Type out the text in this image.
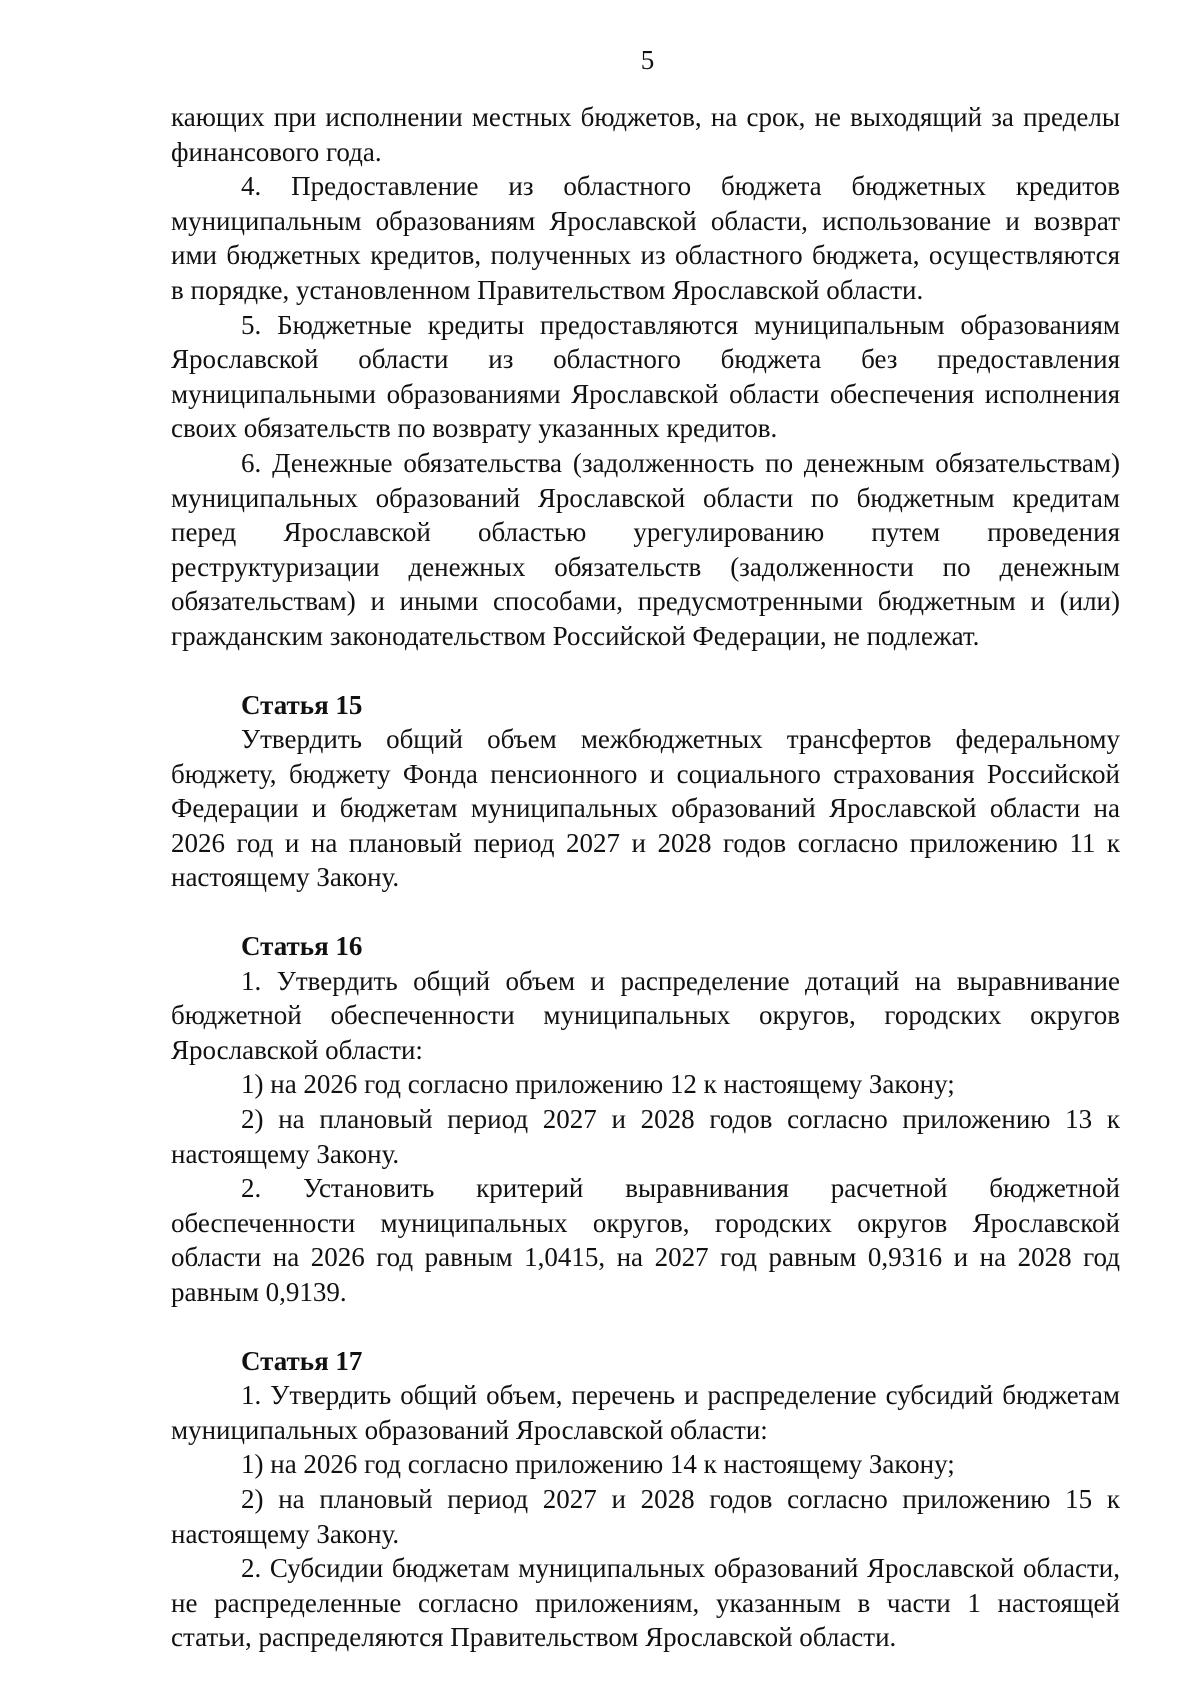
5

кающих при исполнении местных бюджетов, на срок, не выходящий за пределы финансового года.

4. Предоставление из областного бюджета бюджетных кредитов муниципальным образованиям Ярославской области, использование и возврат ими бюджетных кредитов, полученных из областного бюджета, осуществляются в порядке, установленном Правительством Ярославской области.

5. Бюджетные кредиты предоставляются муниципальным образованиям Ярославской области из областного бюджета без предоставления муниципальными образованиями Ярославской области обеспечения исполнения своих обязательств по возврату указанных кредитов.

6. Денежные обязательства (задолженность по денежным обязательствам) муниципальных образований Ярославской области по бюджетным кредитам перед Ярославской областью урегулированию путем проведения реструктуризации денежных обязательств (задолженности по денежным обязательствам) и иными способами, предусмотренными бюджетным и (или) гражданским законодательством Российской Федерации, не подлежат.

Статья 15

Утвердить общий объем межбюджетных трансфертов федеральному бюджету, бюджету Фонда пенсионного и социального страхования Российской Федерации и бюджетам муниципальных образований Ярославской области на 2026 год и на плановый период 2027 и 2028 годов согласно приложению 11 к настоящему Закону.

Статья 16

1. Утвердить общий объем и распределение дотаций на выравнивание бюджетной обеспеченности муниципальных округов, городских округов Ярославской области:

1) на 2026 год согласно приложению 12 к настоящему Закону;

2) на плановый период 2027 и 2028 годов согласно приложению 13 к настоящему Закону.

2. Установить критерий выравнивания расчетной бюджетной обеспеченности муниципальных округов, городских округов Ярославской области на 2026 год равным 1,0415, на 2027 год равным 0,9316 и на 2028 год равным 0,9139.

Статья 17

1. Утвердить общий объем, перечень и распределение субсидий бюджетам муниципальных образований Ярославской области:

1) на 2026 год согласно приложению 14 к настоящему Закону;

2) на плановый период 2027 и 2028 годов согласно приложению 15 к настоящему Закону.

2. Субсидии бюджетам муниципальных образований Ярославской области, не распределенные согласно приложениям, указанным в части 1 настоящей статьи, распределяются Правительством Ярославской области.
